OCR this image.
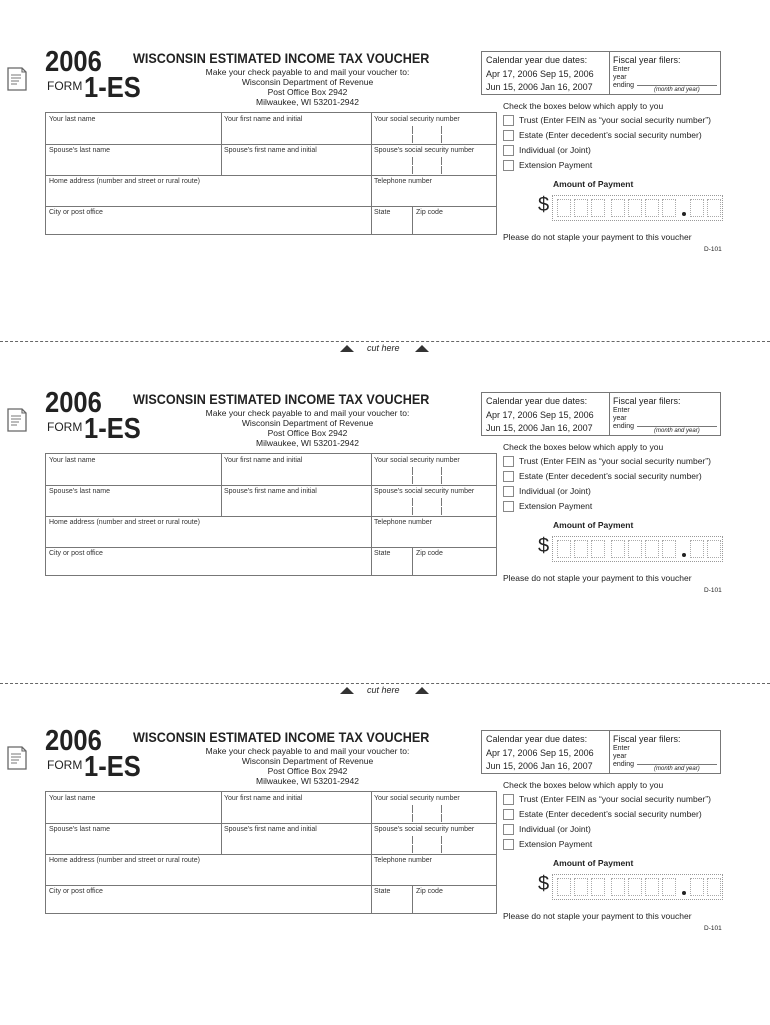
2006
FORM 1-ES
WISCONSIN ESTIMATED INCOME TAX VOUCHER
Make your check payable to and mail your voucher to:
Wisconsin Department of Revenue
Post Office Box 2942
Milwaukee, WI 53201-2942
Your last name	Your first name and initial	Your social security number
Spouse’s last name	Spouse’s first name and initial	Spouse’s social security number
Home address (number and street or rural route)	Telephone number
City or post office	State	Zip code
Calendar year due dates:
Apr 17, 2006 Sep 15, 2006
Jun 15, 2006 Jan 16, 2007
Fiscal year filers:
Enter
year
ending
(month and year)
Check the boxes below which apply to you
Trust (Enter FEIN as “your social security number”)
Estate (Enter decedent’s social security number)
Individual (or Joint)
Extension Payment
Amount of Payment
$
Please do not staple your payment to this voucher
D-101
2006
FORM 1-ES
WISCONSIN ESTIMATED INCOME TAX VOUCHER
Make your check payable to and mail your voucher to:
Wisconsin Department of Revenue
Post Office Box 2942
Milwaukee, WI 53201-2942
Your last name	Your first name and initial	Your social security number
Spouse’s last name	Spouse’s first name and initial	Spouse’s social security number
Home address (number and street or rural route)	Telephone number
City or post office	State	Zip code
Calendar year due dates:
Apr 17, 2006 Sep 15, 2006
Jun 15, 2006 Jan 16, 2007
Fiscal year filers:
Enter
year
ending
(month and year)
Check the boxes below which apply to you
Trust (Enter FEIN as “your social security number”)
Estate (Enter decedent’s social security number)
Individual (or Joint)
Extension Payment
Amount of Payment
$
Please do not staple your payment to this voucher
D-101
2006
FORM 1-ES
WISCONSIN ESTIMATED INCOME TAX VOUCHER
Make your check payable to and mail your voucher to:
Wisconsin Department of Revenue
Post Office Box 2942
Milwaukee, WI 53201-2942
Your last name	Your first name and initial	Your social security number
Spouse’s last name	Spouse’s first name and initial	Spouse’s social security number
Home address (number and street or rural route)	Telephone number
City or post office	State	Zip code
Calendar year due dates:
Apr 17, 2006 Sep 15, 2006
Jun 15, 2006 Jan 16, 2007
Fiscal year filers:
Enter
year
ending
(month and year)
Check the boxes below which apply to you
Trust (Enter FEIN as “your social security number”)
Estate (Enter decedent’s social security number)
Individual (or Joint)
Extension Payment
Amount of Payment
$
Please do not staple your payment to this voucher
D-101
cut here
cut here
